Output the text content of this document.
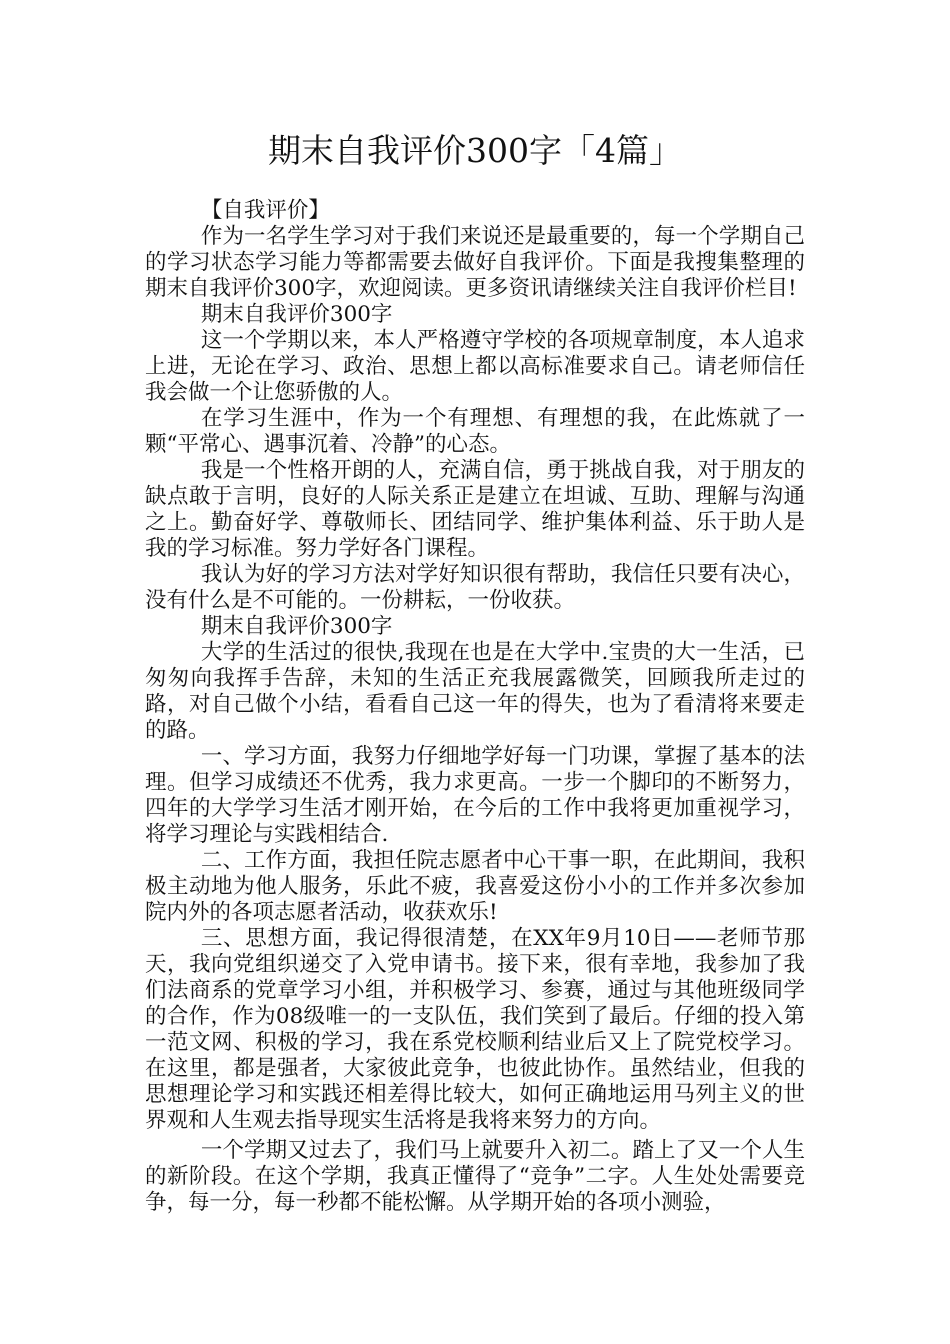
期末自我评价300字「4篇」

【自我评价】

作为一名学生学习对于我们来说还是最重要的，每一个学期自己的学习状态学习能力等都需要去做好自我评价。下面是我搜集整理的期末自我评价300字，欢迎阅读。更多资讯请继续关注自我评价栏目!

期末自我评价300字

这一个学期以来，本人严格遵守学校的各项规章制度，本人追求上进，无论在学习、政治、思想上都以高标准要求自己。请老师信任我会做一个让您骄傲的人。

在学习生涯中，作为一个有理想、有理想的我，在此炼就了一颗“平常心、遇事沉着、冷静”的心态。

我是一个性格开朗的人，充满自信，勇于挑战自我，对于朋友的缺点敢于言明，良好的人际关系正是建立在坦诚、互助、理解与沟通之上。勤奋好学、尊敬师长、团结同学、维护集体利益、乐于助人是我的学习标准。努力学好各门课程。

我认为好的学习方法对学好知识很有帮助，我信任只要有决心，没有什么是不可能的。一份耕耘，一份收获。

期末自我评价300字

大学的生活过的很快,我现在也是在大学中.宝贵的大一生活，已匆匆向我挥手告辞，未知的生活正充我展露微笑，回顾我所走过的路，对自己做个小结，看看自己这一年的得失，也为了看清将来要走的路。

一、学习方面，我努力仔细地学好每一门功课，掌握了基本的法理。但学习成绩还不优秀，我力求更高。一步一个脚印的不断努力，四年的大学学习生活才刚开始，在今后的工作中我将更加重视学习，将学习理论与实践相结合.

二、工作方面，我担任院志愿者中心干事一职，在此期间，我积极主动地为他人服务，乐此不疲，我喜爱这份小小的工作并多次参加院内外的各项志愿者活动，收获欢乐!

三、思想方面，我记得很清楚，在XX年9月10日——老师节那天，我向党组织递交了入党申请书。接下来，很有幸地，我参加了我们法商系的党章学习小组，并积极学习、参赛，通过与其他班级同学的合作，作为08级唯一的一支队伍，我们笑到了最后。仔细的投入第一范文网、积极的学习，我在系党校顺利结业后又上了院党校学习。在这里，都是强者，大家彼此竞争，也彼此协作。虽然结业，但我的思想理论学习和实践还相差得比较大，如何正确地运用马列主义的世界观和人生观去指导现实生活将是我将来努力的方向。

一个学期又过去了，我们马上就要升入初二。踏上了又一个人生的新阶段。在这个学期，我真正懂得了“竞争”二字。人生处处需要竞争，每一分，每一秒都不能松懈。从学期开始的各项小测验，
